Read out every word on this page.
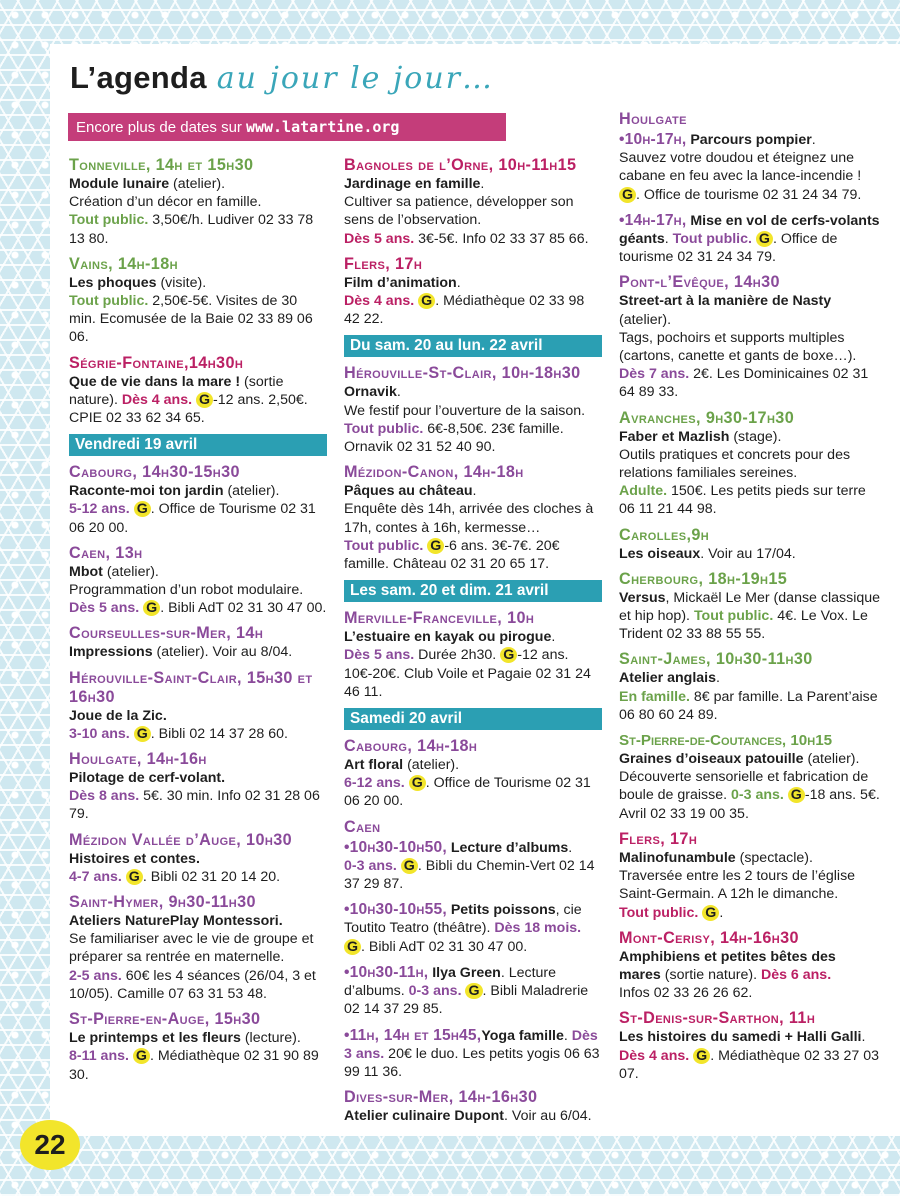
L’agenda au jour le jour…
Encore plus de dates sur www.latartine.org
Tonneville, 14h et 15h30
Module lunaire (atelier).
Création d’un décor en famille.
Tout public. 3,50€/h. Ludiver 02 33 78 13 80.
Vains, 14h-18h
Les phoques (visite).
Tout public. 2,50€-5€. Visites de 30 min. Ecomusée de la Baie 02 33 89 06 06.
Ségrie-Fontaine,14h30h
Que de vie dans la mare ! (sortie nature). Dès 4 ans. G -12 ans. 2,50€. CPIE 02 33 62 34 65.
Vendredi 19 avril
Cabourg, 14h30-15h30
Raconte-moi ton jardin (atelier).
5-12 ans. G . Office de Tourisme 02 31 06 20 00.
Caen, 13h
Mbot (atelier).
Programmation d’un robot modulaire.
Dès 5 ans. G . Bibli AdT 02 31 30 47 00.
Courseulles-sur-Mer, 14h
Impressions (atelier). Voir au 8/04.
Hérouville-Saint-Clair, 15h30 et 16h30
Joue de la Zic.
3-10 ans. G . Bibli 02 14 37 28 60.
Houlgate, 14h-16h
Pilotage de cerf-volant.
Dès 8 ans. 5€. 30 min. Info 02 31 28 06 79.
Mézidon Vallée d’Auge, 10h30
Histoires et contes.
4-7 ans. G . Bibli 02 31 20 14 20.
Saint-Hymer, 9h30-11h30
Ateliers NaturePlay Montessori.
Se familiariser avec le vie de groupe et préparer sa rentrée en maternelle.
2-5 ans. 60€ les 4 séances (26/04, 3 et 10/05). Camille 07 63 31 53 48.
St-Pierre-en-Auge, 15h30
Le printemps et les fleurs (lecture).
8-11 ans. G . Médiathèque 02 31 90 89 30.
Bagnoles de l’Orne, 10h-11h15
Jardinage en famille.
Cultiver sa patience, développer son sens de l’observation.
Dès 5 ans. 3€-5€. Info 02 33 37 85 66.
Flers, 17h
Film d’animation.
Dès 4 ans. G . Médiathèque 02 33 98 42 22.
Du sam. 20 au lun. 22 avril
Hérouville-St-Clair, 10h-18h30
Ornavik.
We festif pour l’ouverture de la saison. Tout public. 6€-8,50€. 23€ famille. Ornavik 02 31 52 40 90.
Mézidon-Canon, 14h-18h
Pâques au château.
Enquête dès 14h, arrivée des cloches à 17h, contes à 16h, kermesse…
Tout public. G -6 ans. 3€-7€. 20€ famille. Château 02 31 20 65 17.
Les sam. 20 et dim. 21 avril
Merville-Franceville, 10h
L’estuaire en kayak ou pirogue.
Dès 5 ans. Durée 2h30. G -12 ans. 10€-20€. Club Voile et Pagaie 02 31 24 46 11.
Samedi 20 avril
Cabourg, 14h-18h
Art floral (atelier).
6-12 ans. G . Office de Tourisme 02 31 06 20 00.
Caen
•10h30-10h50, Lecture d’albums.
0-3 ans. G . Bibli du Chemin-Vert 02 14 37 29 87.
•10h30-10h55, Petits poissons, cie Toutito Teatro (théâtre). Dès 18 mois. G . Bibli AdT 02 31 30 47 00.
•10h30-11h, Ilya Green. Lecture d’albums. 0-3 ans. G . Bibli Maladrerie 02 14 37 29 85.
•11h, 14h et 15h45,Yoga famille. Dès 3 ans. 20€ le duo. Les petits yogis 06 63 99 11 36.
Dives-sur-Mer, 14h-16h30
Atelier culinaire Dupont. Voir au 6/04.
Houlgate
•10h-17h, Parcours pompier.
Sauvez votre doudou et éteignez une cabane en feu avec la lance-incendie ! G . Office de tourisme 02 31 24 34 79.
•14h-17h, Mise en vol de cerfs-volants géants. Tout public. G . Office de tourisme 02 31 24 34 79.
Pont-l’Evêque, 14h30
Street-art à la manière de Nasty
(atelier).
Tags, pochoirs et supports multiples (cartons, canette et gants de boxe…).
Dès 7 ans. 2€. Les Dominicaines 02 31 64 89 33.
Avranches, 9h30-17h30
Faber et Mazlish (stage).
Outils pratiques et concrets pour des relations familiales sereines.
Adulte. 150€. Les petits pieds sur terre 06 11 21 44 98.
Carolles,9h
Les oiseaux. Voir au 17/04.
Cherbourg, 18h-19h15
Versus, Mickaël Le Mer (danse classique et hip hop). Tout public. 4€. Le Vox. Le Trident 02 33 88 55 55.
Saint-James, 10h30-11h30
Atelier anglais.
En famille. 8€ par famille. La Parent’aise 06 80 60 24 89.
St-Pierre-de-Coutances, 10h15
Graines d’oiseaux patouille (atelier). Découverte sensorielle et fabrication de boule de graisse. 0-3 ans. G -18 ans. 5€. Avril 02 33 19 00 35.
Flers, 17h
Malinofunambule (spectacle).
Traversée entre les 2 tours de l’église Saint-Germain. A 12h le dimanche.
Tout public. G .
Mont-Cerisy, 14h-16h30
Amphibiens et petites bêtes des mares (sortie nature). Dès 6 ans.
Infos 02 33 26 26 62.
St-Denis-sur-Sarthon, 11h
Les histoires du samedi + Halli Galli.
Dès 4 ans. G . Médiathèque 02 33 27 03 07.
22
